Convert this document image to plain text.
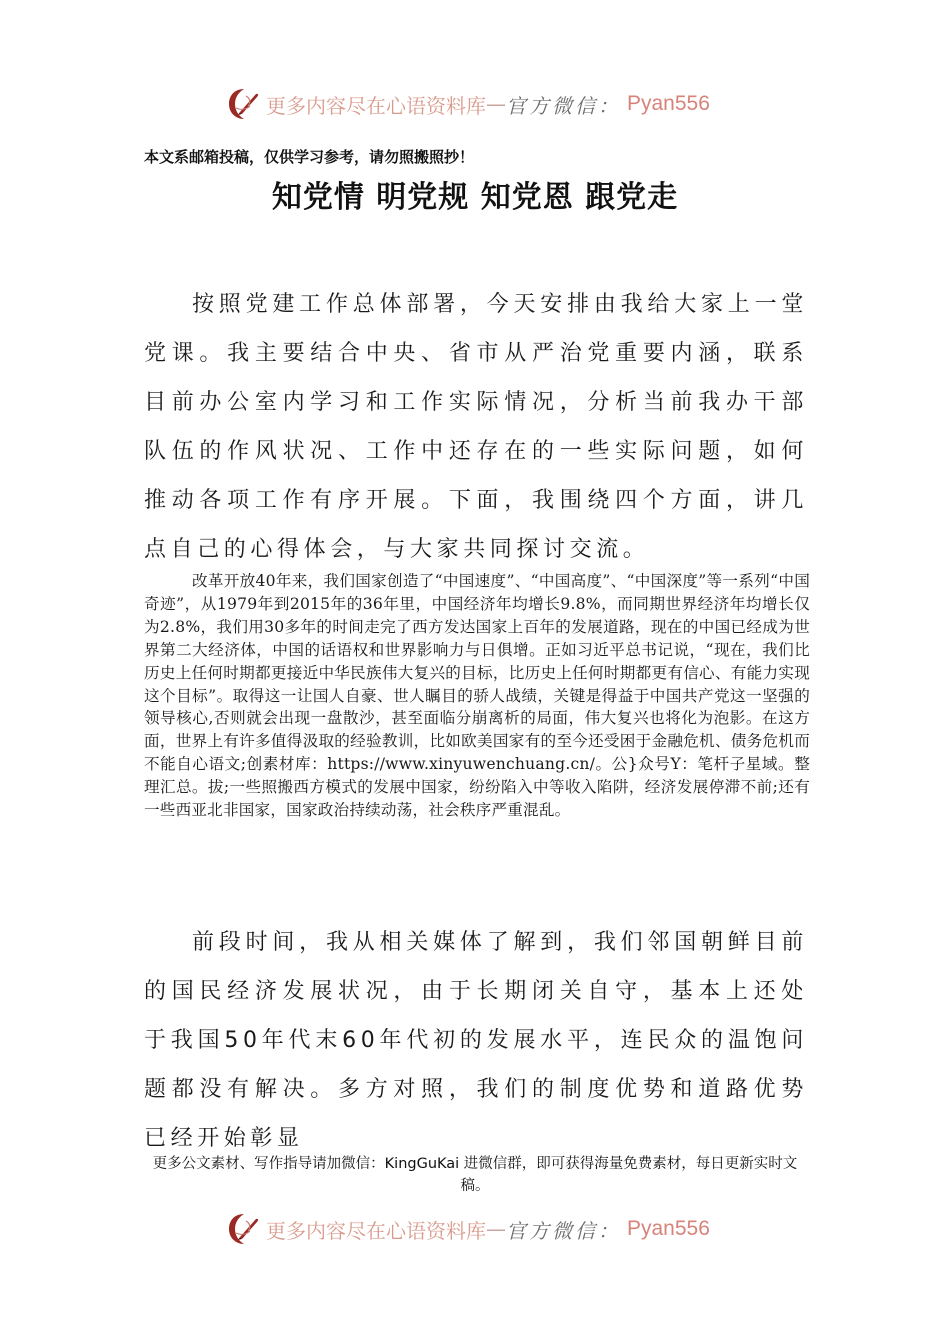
更多内容尽在心语资料库 — 官方微信： Pyan556
本文系邮箱投稿，仅供学习参考，请勿照搬照抄！
知党情 明党规 知党恩 跟党走
按照党建工作总体部署，今天安排由我给大家上一堂党课。我主要结合中央、省市从严治党重要内涵，联系目前办公室内学习和工作实际情况，分析当前我办干部队伍的作风状况、工作中还存在的一些实际问题，如何推动各项工作有序开展。下面，我围绕四个方面，讲几点自己的心得体会，与大家共同探讨交流。
改革开放40年来，我们国家创造了“中国速度”、“中国高度”、“中国深度”等一系列“中国奇迹”，从1979年到2015年的36年里，中国经济年均增长9.8%，而同期世界经济年均增长仅为2.8%，我们用30多年的时间走完了西方发达国家上百年的发展道路，现在的中国已经成为世界第二大经济体，中国的话语权和世界影响力与日俱增。正如习近平总书记说，“现在，我们比历史上任何时期都更接近中华民族伟大复兴的目标，比历史上任何时期都更有信心、有能力实现这个目标”。取得这一让国人自豪、世人瞩目的骄人战绩，关键是得益于中国共产党这一坚强的领导核心,否则就会出现一盘散沙，甚至面临分崩离析的局面，伟大复兴也将化为泡影。在这方面，世界上有许多值得汲取的经验教训，比如欧美国家有的至今还受困于金融危机、债务危机而不能自心语文;创素材库：https://www.xinyuwenchuang.cn/。公}众号Y：笔杆子星域。整理汇总。拔;一些照搬西方模式的发展中国家，纷纷陷入中等收入陷阱，经济发展停滞不前;还有一些西亚北非国家，国家政治持续动荡，社会秩序严重混乱。
前段时间，我从相关媒体了解到，我们邻国朝鲜目前的国民经济发展状况，由于长期闭关自守，基本上还处于我国50年代末60年代初的发展水平，连民众的温饱问题都没有解决。多方对照，我们的制度优势和道路优势已经开始彰显
更多公文素材、写作指导请加微信：KingGuKai 进微信群，即可获得海量免费素材，每日更新实时文稿。
更多内容尽在心语资料库 — 官方微信： Pyan556
